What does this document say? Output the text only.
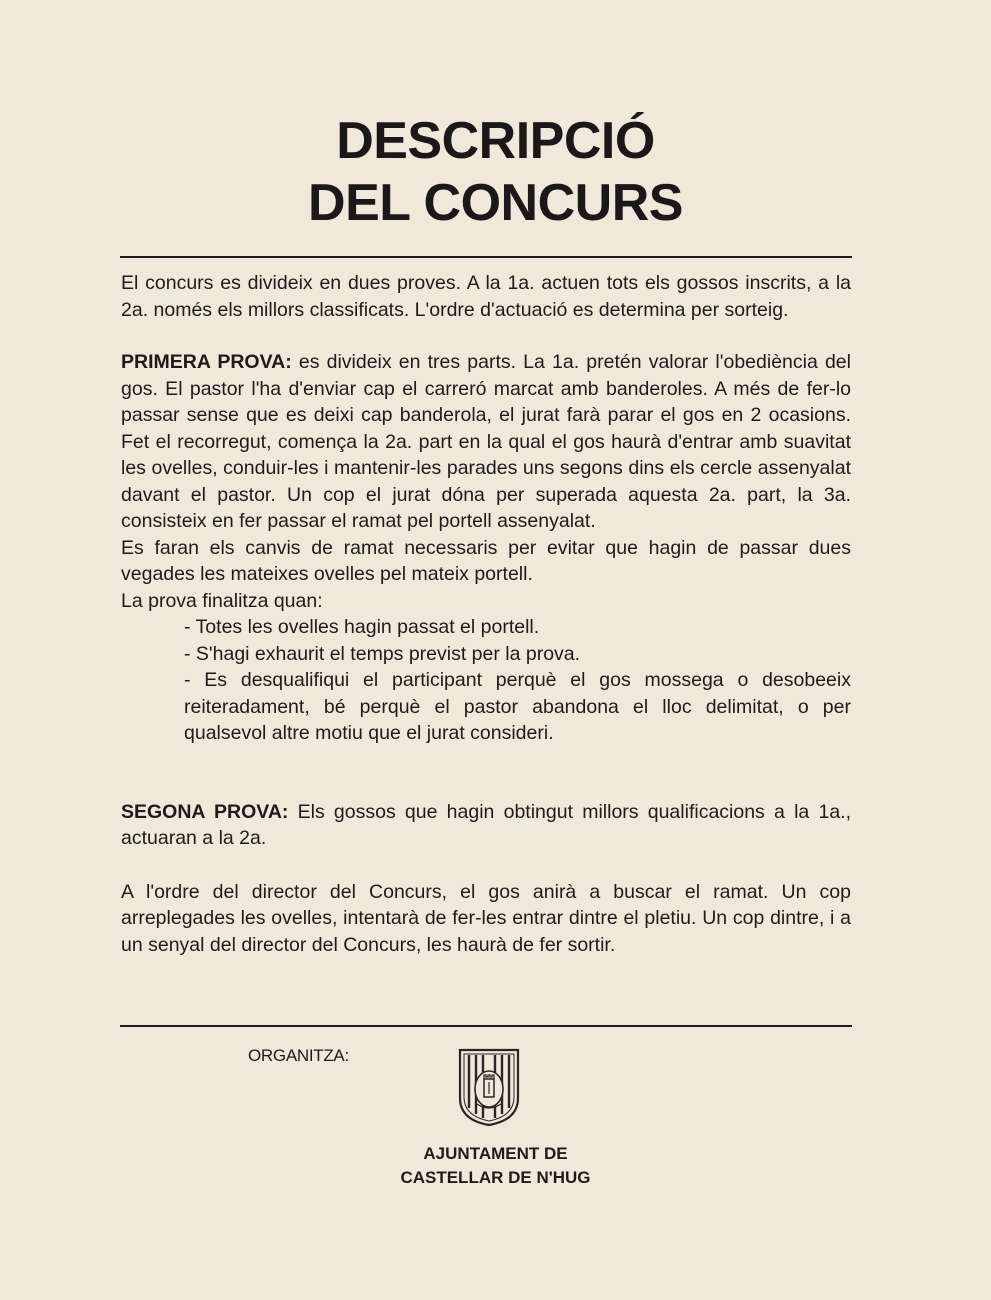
DESCRIPCIÓ
DEL CONCURS

El concurs es divideix en dues proves. A la 1a. actuen tots els gossos inscrits, a la 2a. només els millors classificats. L'ordre d'actuació es determina per sorteig.

PRIMERA PROVA: es divideix en tres parts. La 1a. pretén valorar l'obediència del gos. El pastor l'ha d'enviar cap el carreró marcat amb banderoles. A més de fer-lo passar sense que es deixi cap banderola, el jurat farà parar el gos en 2 ocasions. Fet el recorregut, comença la 2a. part en la qual el gos haurà d'entrar amb suavitat les ovelles, conduir-les i mantenir-les parades uns segons dins els cercle assenyalat davant el pastor. Un cop el jurat dóna per superada aquesta 2a. part, la 3a. consisteix en fer passar el ramat pel portell assenyalat.

Es faran els canvis de ramat necessaris per evitar que hagin de passar dues vegades les mateixes ovelles pel mateix portell.

La prova finalitza quan:

- Totes les ovelles hagin passat el portell.

- S'hagi exhaurit el temps previst per la prova.

- Es desqualifiqui el participant perquè el gos mossega o desobeeix reiteradament, bé perquè el pastor abandona el lloc delimitat, o per qualsevol altre motiu que el jurat consideri.

SEGONA PROVA: Els gossos que hagin obtingut millors qualificacions a la 1a., actuaran a la 2a.

A l'ordre del director del Concurs, el gos anirà a buscar el ramat. Un cop arreplegades les ovelles, intentarà de fer-les entrar dintre el pletiu. Un cop dintre, i a un senyal del director del Concurs, les haurà de fer sortir.

ORGANITZA:
AJUNTAMENT DE
CASTELLAR DE N'HUG
